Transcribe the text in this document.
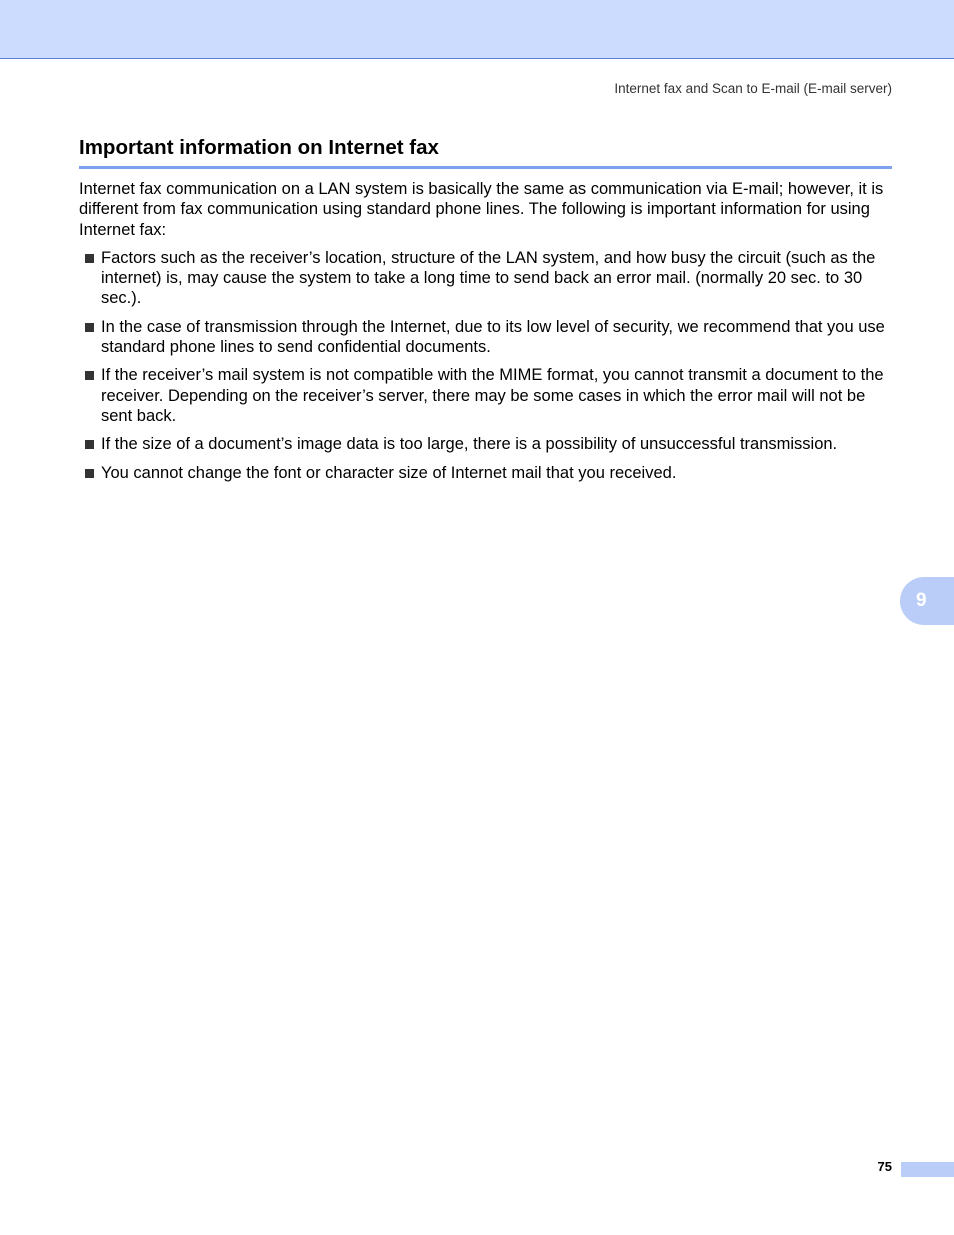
Internet fax and Scan to E-mail (E-mail server)
Important information on Internet fax

Internet fax communication on a LAN system is basically the same as communication via E-mail; however, it is different from fax communication using standard phone lines. The following is important information for using Internet fax:

Factors such as the receiver’s location, structure of the LAN system, and how busy the circuit (such as the internet) is, may cause the system to take a long time to send back an error mail. (normally 20 sec. to 30 sec.).
In the case of transmission through the Internet, due to its low level of security, we recommend that you use standard phone lines to send confidential documents.
If the receiver’s mail system is not compatible with the MIME format, you cannot transmit a document to the receiver. Depending on the receiver’s server, there may be some cases in which the error mail will not be sent back.
If the size of a document’s image data is too large, there is a possibility of unsuccessful transmission.
You cannot change the font or character size of Internet mail that you received.
9
75
